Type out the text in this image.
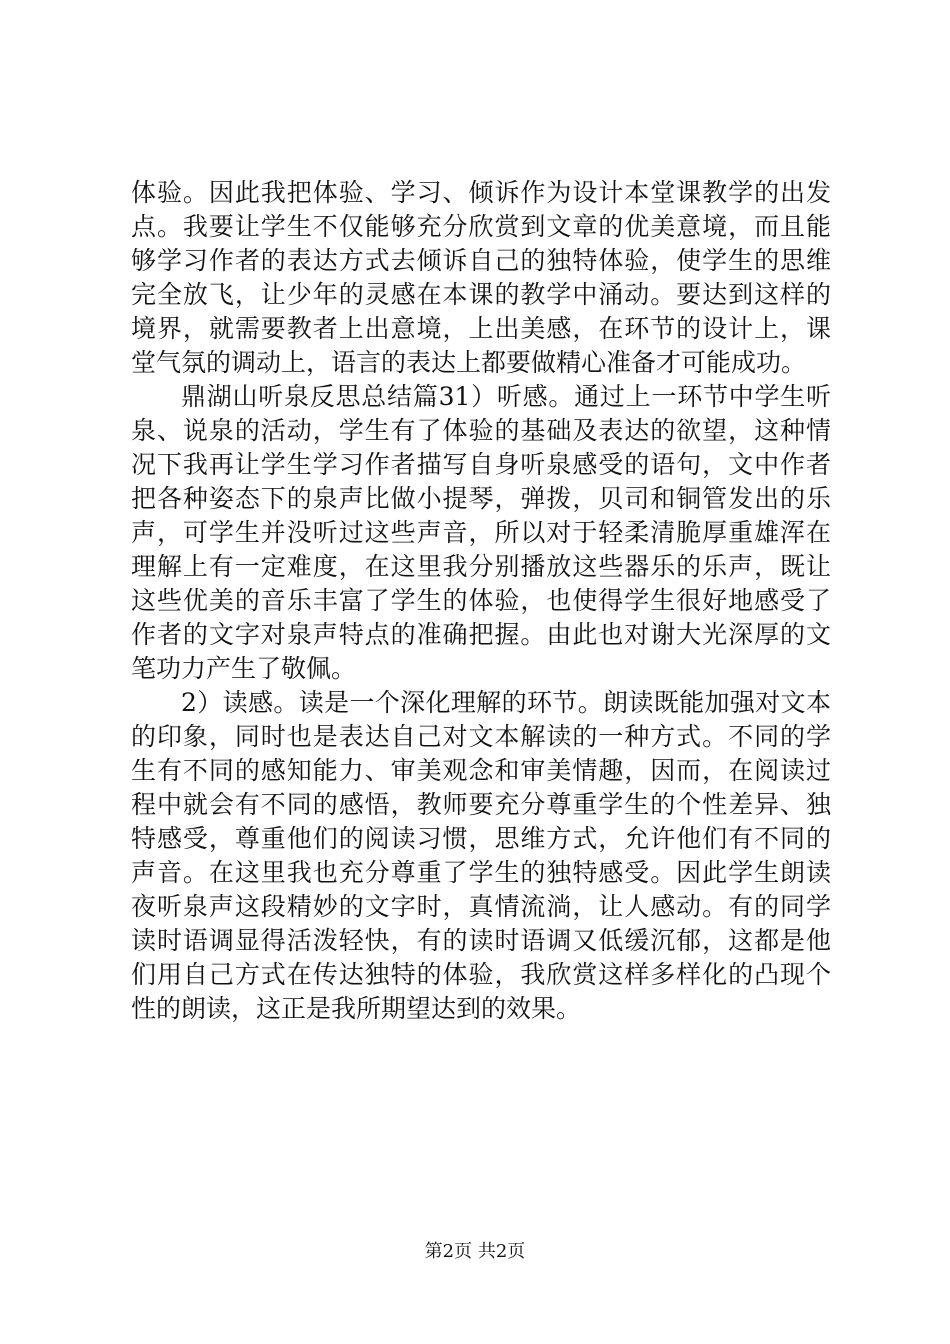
体验。因此我把体验、学习、倾诉作为设计本堂课教学的出发
点。我要让学生不仅能够充分欣赏到文章的优美意境，而且能
够学习作者的表达方式去倾诉自己的独特体验，使学生的思维
完全放飞，让少年的灵感在本课的教学中涌动。要达到这样的
境界，就需要教者上出意境，上出美感，在环节的设计上，课
堂气氛的调动上，语言的表达上都要做精心准备才可能成功。
鼎湖山听泉反思总结篇31）听感。通过上一环节中学生听
泉、说泉的活动，学生有了体验的基础及表达的欲望，这种情
况下我再让学生学习作者描写自身听泉感受的语句，文中作者
把各种姿态下的泉声比做小提琴，弹拨，贝司和铜管发出的乐
声，可学生并没听过这些声音，所以对于轻柔清脆厚重雄浑在
理解上有一定难度，在这里我分别播放这些器乐的乐声，既让
这些优美的音乐丰富了学生的体验，也使得学生很好地感受了
作者的文字对泉声特点的准确把握。由此也对谢大光深厚的文
笔功力产生了敬佩。
2）读感。读是一个深化理解的环节。朗读既能加强对文本
的印象，同时也是表达自己对文本解读的一种方式。不同的学
生有不同的感知能力、审美观念和审美情趣，因而，在阅读过
程中就会有不同的感悟，教师要充分尊重学生的个性差异、独
特感受，尊重他们的阅读习惯，思维方式，允许他们有不同的
声音。在这里我也充分尊重了学生的独特感受。因此学生朗读
夜听泉声这段精妙的文字时，真情流淌，让人感动。有的同学
读时语调显得活泼轻快，有的读时语调又低缓沉郁，这都是他
们用自己方式在传达独特的体验，我欣赏这样多样化的凸现个
性的朗读，这正是我所期望达到的效果。
第2页 共2页
